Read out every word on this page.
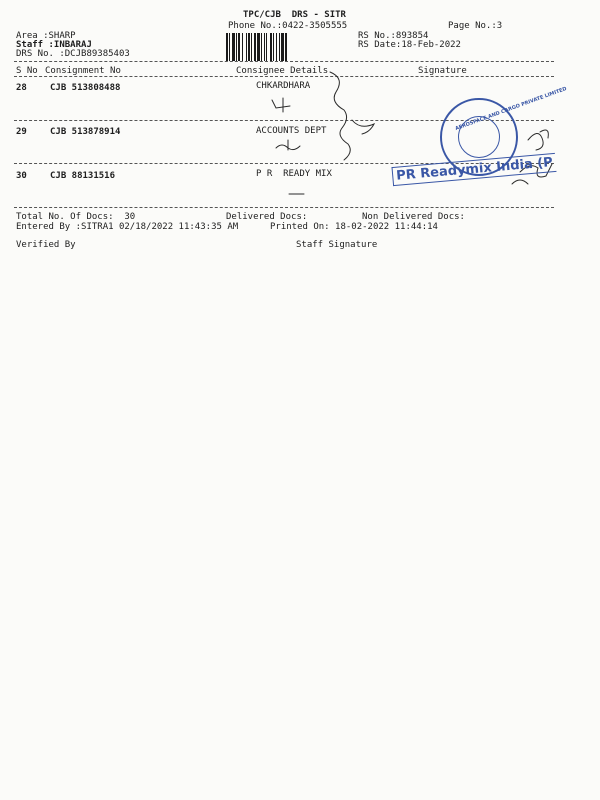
TPC/CJB  DRS - SITR
Phone No.:0422-3505555	Page No.:3
Area :SHARP
Staff :INBARAJ
DRS No. :DCJB89385403
RS No.:893854
RS Date:18-Feb-2022
S No Consignment No	Consignee Details	Signature
28	CJB 513808488	CHKARDHARA
29	CJB 513878914	ACCOUNTS DEPT
30	CJB 88131516	P R  READY MIX
AEROSPACE AND CARGO PRIVATE LIMITED
PR Readymix India (P
Total No. Of Docs:  30	Delivered Docs:	Non Delivered Docs:
Entered By :SITRA1 02/18/2022 11:43:35 AM	Printed On: 18-02-2022 11:44:14
Verified By	Staff Signature
